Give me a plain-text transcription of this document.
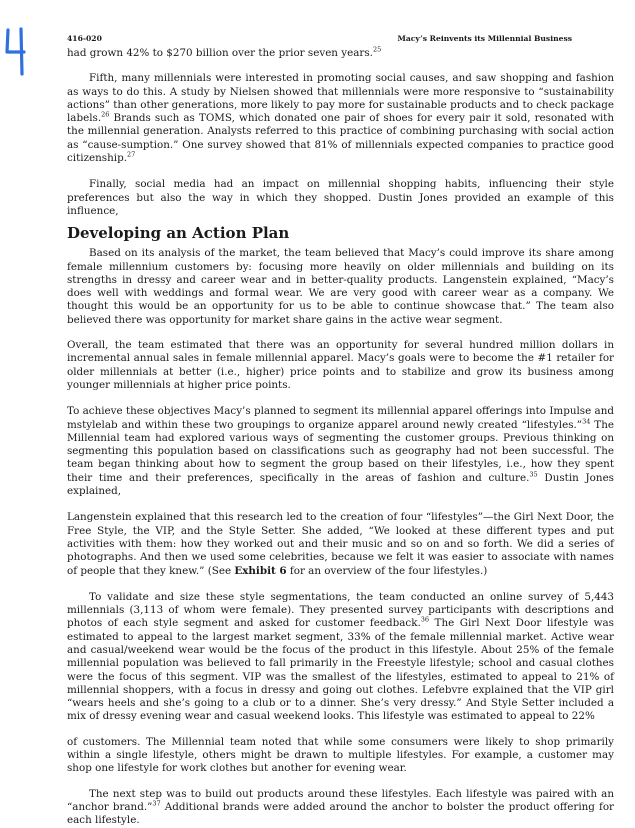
416-020	Macy’s Reinvents its Millennial Business

had grown 42% to $270 billion over the prior seven years.$^{25}$

Fifth, many millennials were interested in promoting social causes, and saw shopping and fashion as ways to do this. A study by Nielsen showed that millennials were more responsive to “sustainability actions” than other generations, more likely to pay more for sustainable products and to check package labels.$^{26}$ Brands such as TOMS, which donated one pair of shoes for every pair it sold, resonated with the millennial generation. Analysts referred to this practice of combining purchasing with social action as “cause-sumption.” One survey showed that 81% of millennials expected companies to practice good citizenship.$^{27}$

Finally, social media had an impact on millennial shopping habits, influencing their style preferences but also the way in which they shopped. Dustin Jones provided an example of this influence,

Developing an Action Plan

Based on its analysis of the market, the team believed that Macy’s could improve its share among female millennium customers by: focusing more heavily on older millennials and building on its strengths in dressy and career wear and in better-quality products. Langenstein explained, “Macy’s does well with weddings and formal wear. We are very good with career wear as a company. We thought this would be an opportunity for us to be able to continue showcase that.” The team also believed there was opportunity for market share gains in the active wear segment.

Overall, the team estimated that there was an opportunity for several hundred million dollars in incremental annual sales in female millennial apparel. Macy’s goals were to become the #1 retailer for older millennials at better (i.e., higher) price points and to stabilize and grow its business among younger millennials at higher price points.

To achieve these objectives Macy’s planned to segment its millennial apparel offerings into Impulse and mstylelab and within these two groupings to organize apparel around newly created “lifestyles.”$^{34}$ The Millennial team had explored various ways of segmenting the customer groups. Previous thinking on segmenting this population based on classifications such as geography had not been successful. The team began thinking about how to segment the group based on their lifestyles, i.e., how they spent their time and their preferences, specifically in the areas of fashion and culture.$^{35}$ Dustin Jones explained,

Langenstein explained that this research led to the creation of four “lifestyles”—the Girl Next Door, the Free Style, the VIP, and the Style Setter. She added, “We looked at these different types and put activities with them: how they worked out and their music and so on and so forth. We did a series of photographs. And then we used some celebrities, because we felt it was easier to associate with names of people that they knew.” (See Exhibit 6 for an overview of the four lifestyles.)

To validate and size these style segmentations, the team conducted an online survey of 5,443 millennials (3,113 of whom were female). They presented survey participants with descriptions and photos of each style segment and asked for customer feedback.$^{36}$ The Girl Next Door lifestyle was estimated to appeal to the largest market segment, 33% of the female millennial market. Active wear and casual/weekend wear would be the focus of the product in this lifestyle. About 25% of the female millennial population was believed to fall primarily in the Freestyle lifestyle; school and casual clothes were the focus of this segment. VIP was the smallest of the lifestyles, estimated to appeal to 21% of millennial shoppers, with a focus in dressy and going out clothes. Lefebvre explained that the VIP girl “wears heels and she’s going to a club or to a dinner. She’s very dressy.” And Style Setter included a mix of dressy evening wear and casual weekend looks. This lifestyle was estimated to appeal to 22%

of customers. The Millennial team noted that while some consumers were likely to shop primarily within a single lifestyle, others might be drawn to multiple lifestyles. For example, a customer may shop one lifestyle for work clothes but another for evening wear.

The next step was to build out products around these lifestyles. Each lifestyle was paired with an “anchor brand.”$^{37}$ Additional brands were added around the anchor to bolster the product offering for each lifestyle.
